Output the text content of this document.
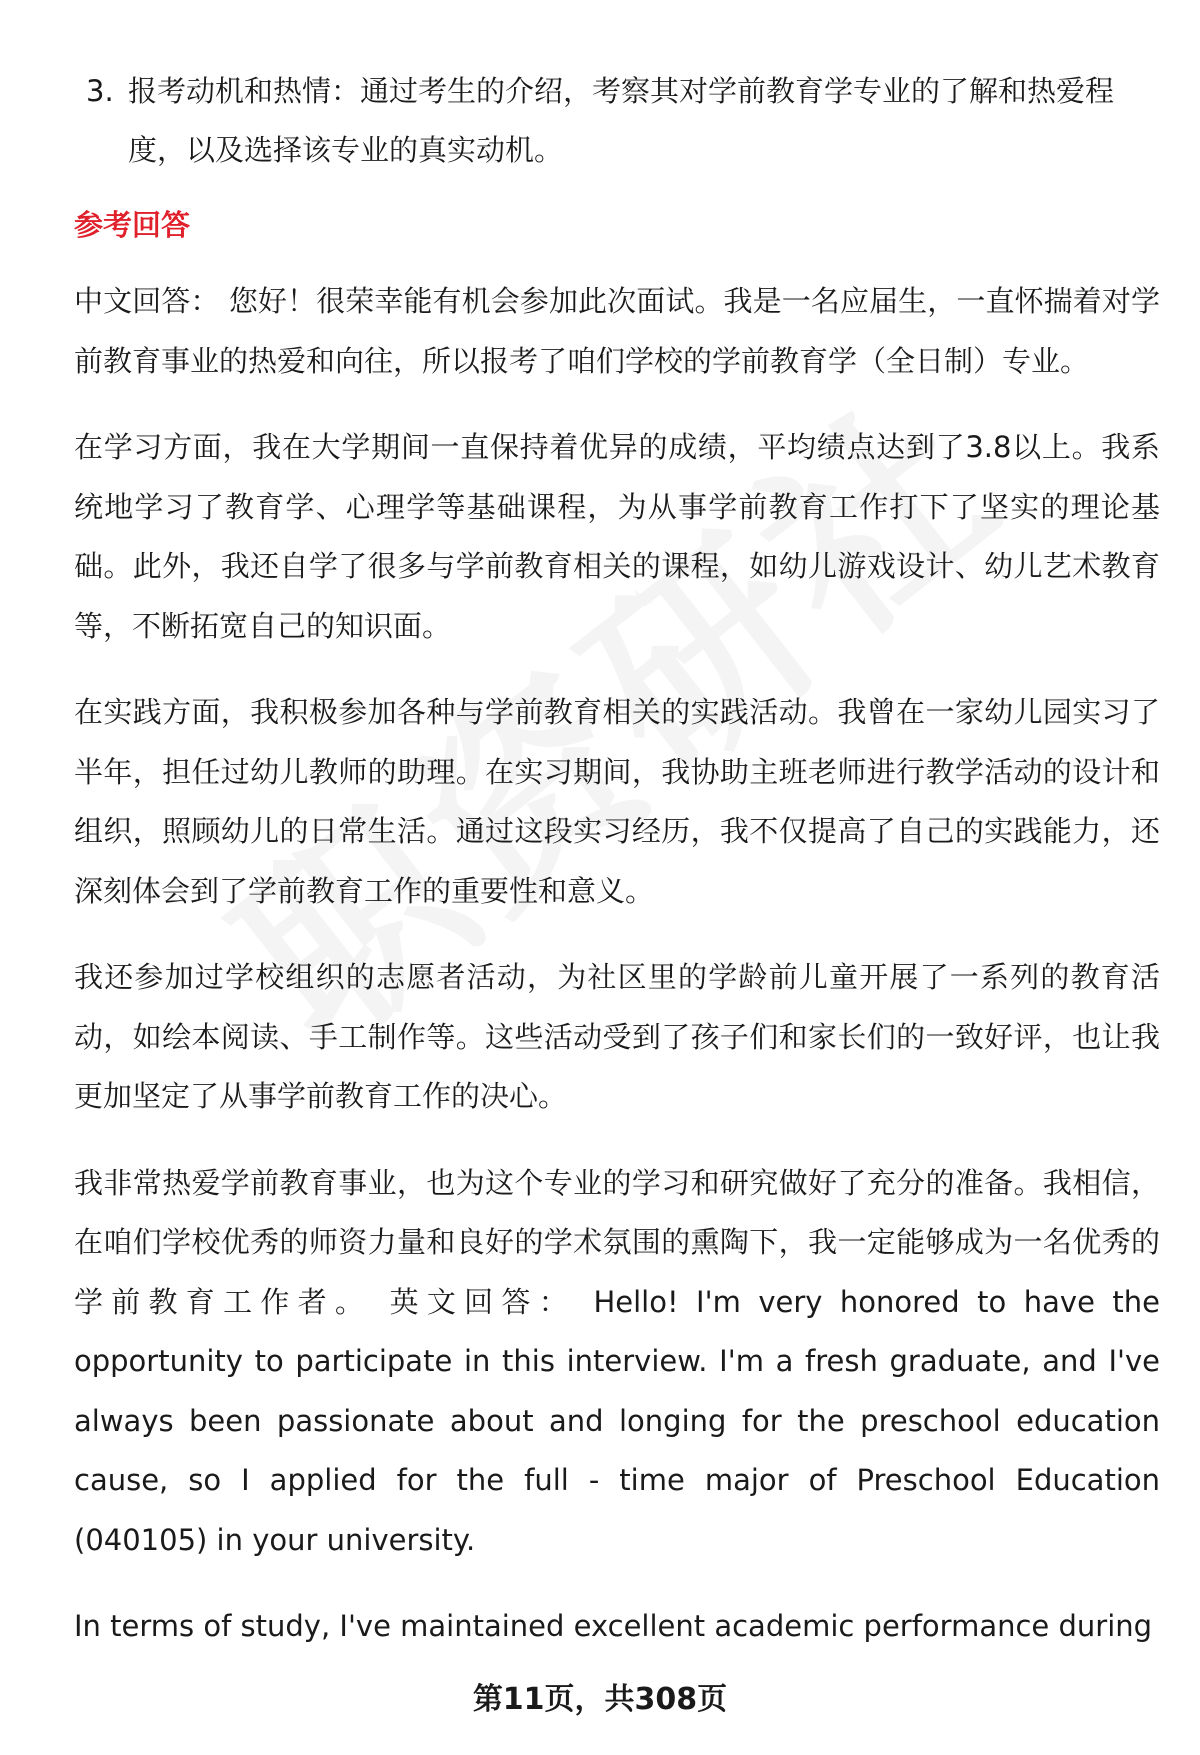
3. 报考动机和热情：通过考生的介绍，考察其对学前教育学专业的了解和热爱程度，以及选择该专业的真实动机。
参考回答

中文回答： 您好！很荣幸能有机会参加此次面试。我是一名应届生，一直怀揣着对学前教育事业的热爱和向往，所以报考了咱们学校的学前教育学（全日制）专业。

在学习方面，我在大学期间一直保持着优异的成绩，平均绩点达到了3.8以上。我系统地学习了教育学、心理学等基础课程，为从事学前教育工作打下了坚实的理论基础。此外，我还自学了很多与学前教育相关的课程，如幼儿游戏设计、幼儿艺术教育等，不断拓宽自己的知识面。

在实践方面，我积极参加各种与学前教育相关的实践活动。我曾在一家幼儿园实习了半年，担任过幼儿教师的助理。在实习期间，我协助主班老师进行教学活动的设计和组织，照顾幼儿的日常生活。通过这段实习经历，我不仅提高了自己的实践能力，还深刻体会到了学前教育工作的重要性和意义。

我还参加过学校组织的志愿者活动，为社区里的学龄前儿童开展了一系列的教育活动，如绘本阅读、手工制作等。这些活动受到了孩子们和家长们的一致好评，也让我更加坚定了从事学前教育工作的决心。

我非常热爱学前教育事业，也为这个专业的学习和研究做好了充分的准备。我相信，在咱们学校优秀的师资力量和良好的学术氛围的熏陶下，我一定能够成为一名优秀的学前教育工作者。 英文回答： Hello! I'm very honored to have the opportunity to participate in this interview. I'm a fresh graduate, and I've always been passionate about and longing for the preschool education cause, so I applied for the full - time major of Preschool Education (040105) in your university.

In terms of study, I've maintained excellent academic performance during

第11页，共308页
